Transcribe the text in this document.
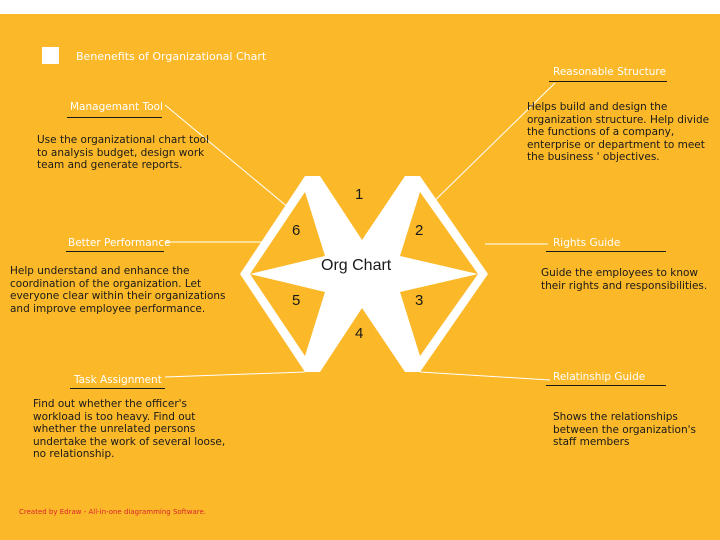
Benenefits of Organizational Chart
1
2
3
4
5
6
Org Chart
Reasonable Structure
Helps build and design the organization structure. Help divide the functions of a company, enterprise or department to meet the business ' objectives.
Managemant Tool
Use the organizational chart tool to analysis budget, design work team and generate reports.
Better Performance
Help understand and enhance the coordination of the organization. Let everyone clear within their organizations and improve employee performance.
Rights Guide
Guide the employees to know their rights and responsibilities.
Task Assignment
Find out whether the officer's workload is too heavy. Find out whether the unrelated persons undertake the work of several loose, no relationship.
Relatinship Guide
Shows the relationships between the organization's staff members
Created by Edraw - All-in-one diagramming Software.
